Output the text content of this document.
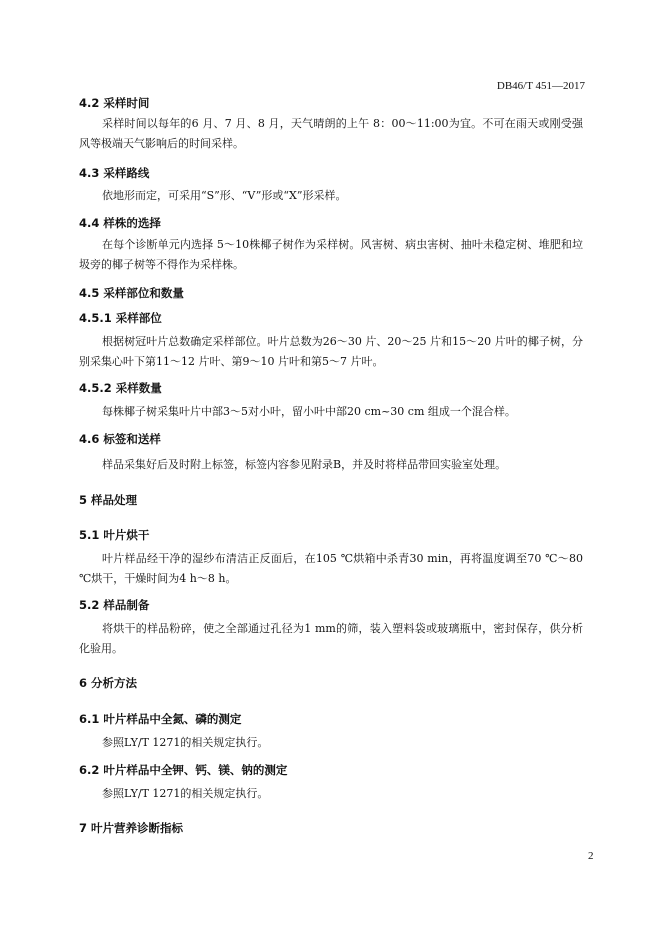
DB46/T 451—2017
4.2 采样时间
采样时间以每年的6 月、7 月、8 月，天气晴朗的上午 8：00～11:00为宜。不可在雨天或刚受强风等极端天气影响后的时间采样。
4.3 采样路线
依地形而定，可采用“S”形、“V”形或“X”形采样。
4.4 样株的选择
在每个诊断单元内选择 5～10株椰子树作为采样树。风害树、病虫害树、抽叶未稳定树、堆肥和垃圾旁的椰子树等不得作为采样株。
4.5 采样部位和数量
4.5.1 采样部位
根据树冠叶片总数确定采样部位。叶片总数为26～30 片、20～25 片和15～20 片叶的椰子树，分别采集心叶下第11～12 片叶、第9～10 片叶和第5～7 片叶。
4.5.2 采样数量
每株椰子树采集叶片中部3～5对小叶，留小叶中部20 cm~30 cm 组成一个混合样。
4.6 标签和送样
样品采集好后及时附上标签，标签内容参见附录B，并及时将样品带回实验室处理。
5 样品处理
5.1 叶片烘干
叶片样品经干净的湿纱布清洁正反面后，在105 ℃烘箱中杀青30 min，再将温度调至70 ℃～80 ℃烘干，干燥时间为4 h～8 h。
5.2 样品制备
将烘干的样品粉碎，使之全部通过孔径为1 mm的筛，装入塑料袋或玻璃瓶中，密封保存，供分析化验用。
6 分析方法
6.1 叶片样品中全氮、磷的测定
参照LY/T 1271的相关规定执行。
6.2 叶片样品中全钾、钙、镁、钠的测定
参照LY/T 1271的相关规定执行。
7 叶片营养诊断指标
2
